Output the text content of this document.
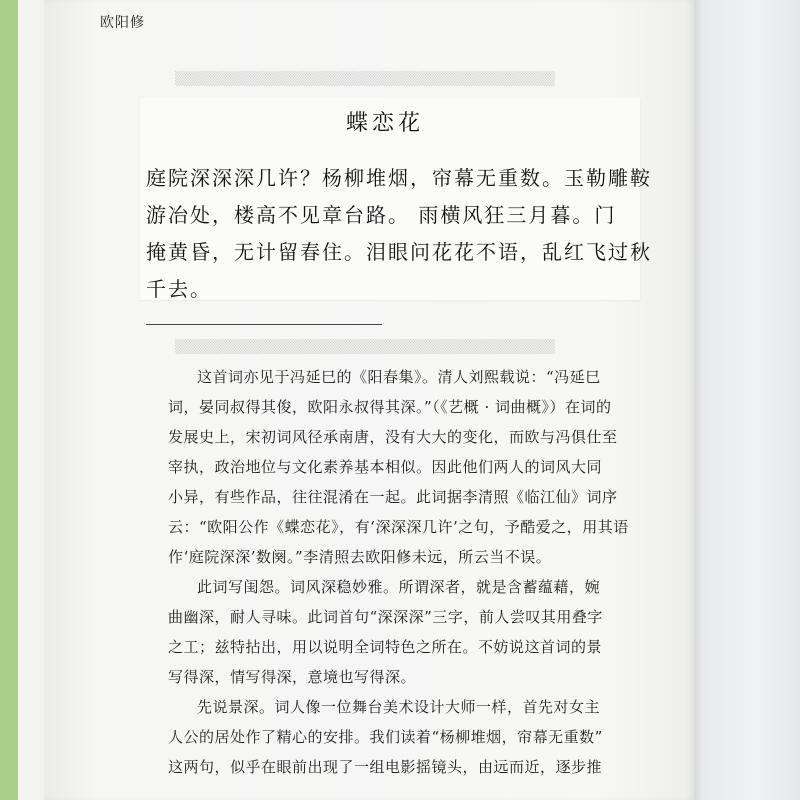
欧阳修
▒▒▒▒▒▒▒▒▒▒▒▒▒▒▒▒▒▒▒▒▒▒▒▒▒▒▒▒▒▒▒▒▒▒▒▒▒▒
▒▒▒▒▒▒▒▒▒▒▒▒▒▒▒▒▒▒▒▒▒▒▒▒▒▒▒▒▒▒▒▒▒▒▒▒▒▒
蝶恋花
庭院深深深几许？杨柳堆烟，帘幕无重数。玉勒雕鞍
游冶处，楼高不见章台路。 雨横风狂三月暮。门
掩黄昏，无计留春住。泪眼问花花不语，乱红飞过秋
千去。
这首词亦见于冯延巳的《阳春集》。清人刘熙载说：“冯延巳
词，晏同叔得其俊，欧阳永叔得其深。”（《艺概 · 词曲概》）在词的
发展史上，宋初词风径承南唐，没有大大的变化，而欧与冯俱仕至
宰执，政治地位与文化素养基本相似。因此他们两人的词风大同
小异，有些作品，往往混淆在一起。此词据李清照《临江仙》词序
云：“欧阳公作《蝶恋花》，有‘深深深几许’之句，予酷爱之，用其语
作‘庭院深深’数阕。”李清照去欧阳修未远，所云当不误。
此词写闺怨。词风深稳妙雅。所谓深者，就是含蓄蕴藉，婉
曲幽深，耐人寻味。此词首句“深深深”三字，前人尝叹其用叠字
之工；兹特拈出，用以说明全词特色之所在。不妨说这首词的景
写得深，情写得深，意境也写得深。
先说景深。词人像一位舞台美术设计大师一样，首先对女主
人公的居处作了精心的安排。我们读着“杨柳堆烟，帘幕无重数”
这两句，似乎在眼前出现了一组电影摇镜头，由远而近，逐步推
